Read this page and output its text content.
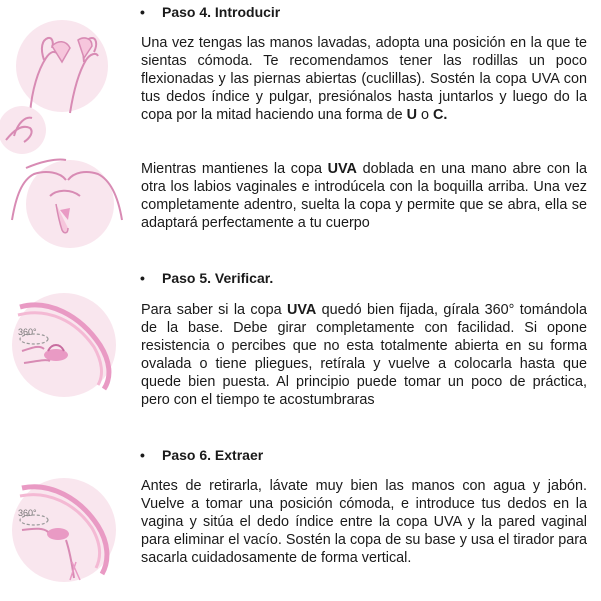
360°
360°
• Paso 4. Introducir

Una vez tengas las manos lavadas, adopta una posición en la que te sientas cómoda. Te recomendamos tener las rodillas un poco flexionadas y las piernas abiertas (cuclillas). Sostén la copa UVA con tus dedos índice y pulgar, presiónalos hasta juntarlos y luego do la copa por la mitad haciendo una forma de U o C.

Mientras mantienes la copa UVA doblada en una mano abre con la otra los labios vaginales e introdúcela con la boquilla arriba. Una vez completamente adentro, suelta la copa y permite que se abra, ella se adaptará perfectamente a tu cuerpo

• Paso 5. Verificar.

Para saber si la copa UVA quedó bien fijada, gírala 360° tomándola de la base. Debe girar completamente con facilidad. Si opone resistencia o percibes que no esta totalmente abierta en su forma ovalada o tiene pliegues, retírala y vuelve a colocarla hasta que quede bien puesta. Al principio puede tomar un poco de práctica, pero con el tiempo te acostumbraras

• Paso 6. Extraer

Antes de retirarla, lávate muy bien las manos con agua y jabón. Vuelve a tomar una posición cómoda, e introduce tus dedos en la vagina y sitúa el dedo índice entre la copa UVA y la pared vaginal para eliminar el vacío. Sostén la copa de su base y usa el tirador para sacarla cuidadosamente de forma vertical.
